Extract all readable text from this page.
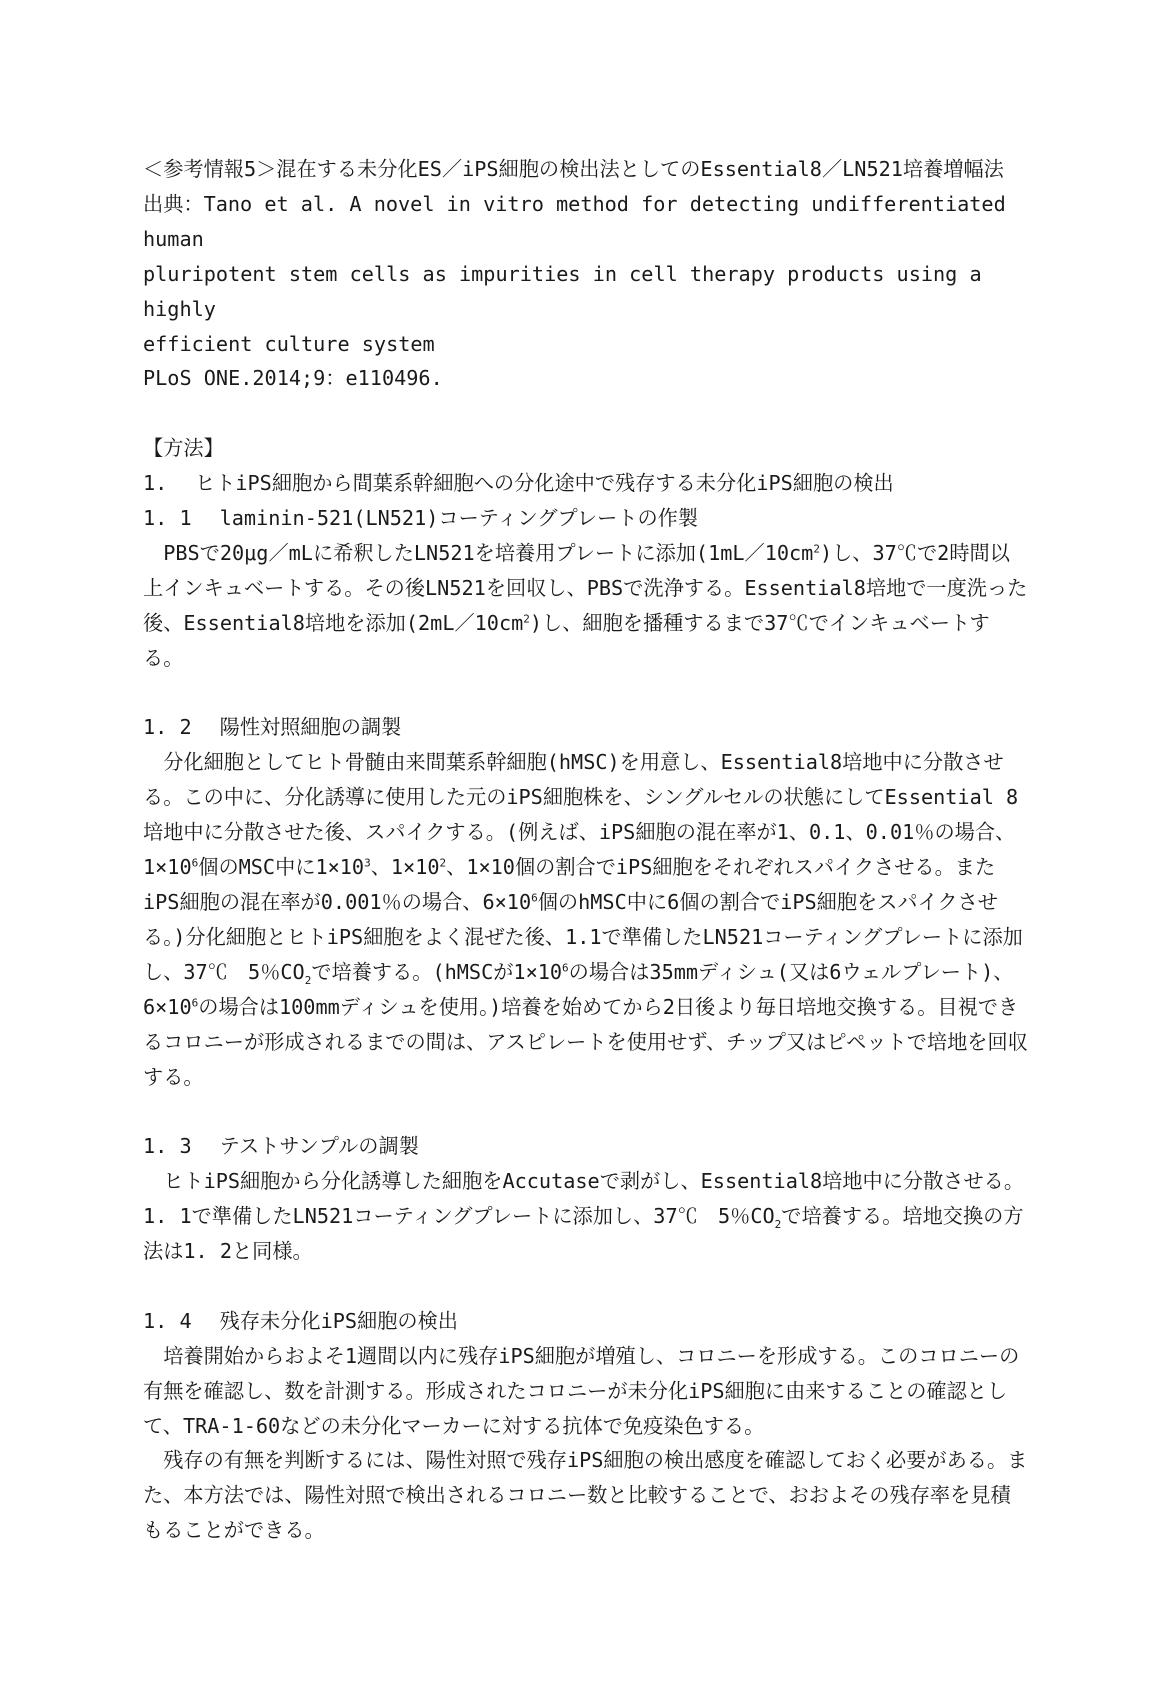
＜参考情報5＞混在する未分化ES／iPS細胞の検出法としてのEssential8／LN521培養増幅法

出典：Tano et al. A novel in vitro method for detecting undifferentiated human

pluripotent stem cells as impurities in cell therapy products using a highly

efficient culture system

PLoS ONE.2014;9：e110496.

【方法】

1. ヒトiPS細胞から間葉系幹細胞への分化途中で残存する未分化iPS細胞の検出

1. 1 laminin-521(LN521)コーティングプレートの作製

PBSで20μg／mLに希釈したLN521を培養用プレートに添加$(1mL/10cm^2)$し、37℃で2時間以上インキュベートする。その後LN521を回収し、PBSで洗浄する。Essential8培地で一度洗った後、Essential8培地を添加$(2mL/10cm^2)$し、細胞を播種するまで37℃でインキュベートする。

1. 2 陽性対照細胞の調製

分化細胞としてヒト骨髄由来間葉系幹細胞(hMSC)を用意し、Essential8培地中に分散させる。この中に、分化誘導に使用した元のiPS細胞株を、シングルセルの状態にしてEssential 8培地中に分散させた後、スパイクする。(例えば、iPS細胞の混在率が1、0.1、0.01％の場合、$1\times 10^6$個のMSC中に$1\times 10^3$、$1\times 10^2$、1×10個の割合でiPS細胞をそれぞれスパイクさせる。またiPS細胞の混在率が0.001％の場合、$6\times 10^6$個のhMSC中に6個の割合でiPS細胞をスパイクさせる。)分化細胞とヒトiPS細胞をよく混ぜた後、1.1で準備したLN521コーティングプレートに添加し、37℃　5％$CO_2$で培養する。(hMSCが$1\times 10^6$の場合は35mmディシュ(又は6ウェルプレート)、$6\times 10^6$の場合は100mmディシュを使用。)培養を始めてから2日後より毎日培地交換する。目視できるコロニーが形成されるまでの間は、アスピレートを使用せず、チップ又はピペットで培地を回収する。

1. 3 テストサンプルの調製

ヒトiPS細胞から分化誘導した細胞をAccutaseで剥がし、Essential8培地中に分散させる。1. 1で準備したLN521コーティングプレートに添加し、37℃　5％$CO_2$で培養する。培地交換の方法は1. 2と同様。

1. 4 残存未分化iPS細胞の検出

培養開始からおよそ1週間以内に残存iPS細胞が増殖し、コロニーを形成する。このコロニーの有無を確認し、数を計測する。形成されたコロニーが未分化iPS細胞に由来することの確認として、TRA-1-60などの未分化マーカーに対する抗体で免疫染色する。

残存の有無を判断するには、陽性対照で残存iPS細胞の検出感度を確認しておく必要がある。また、本方法では、陽性対照で検出されるコロニー数と比較することで、おおよその残存率を見積もることができる。
